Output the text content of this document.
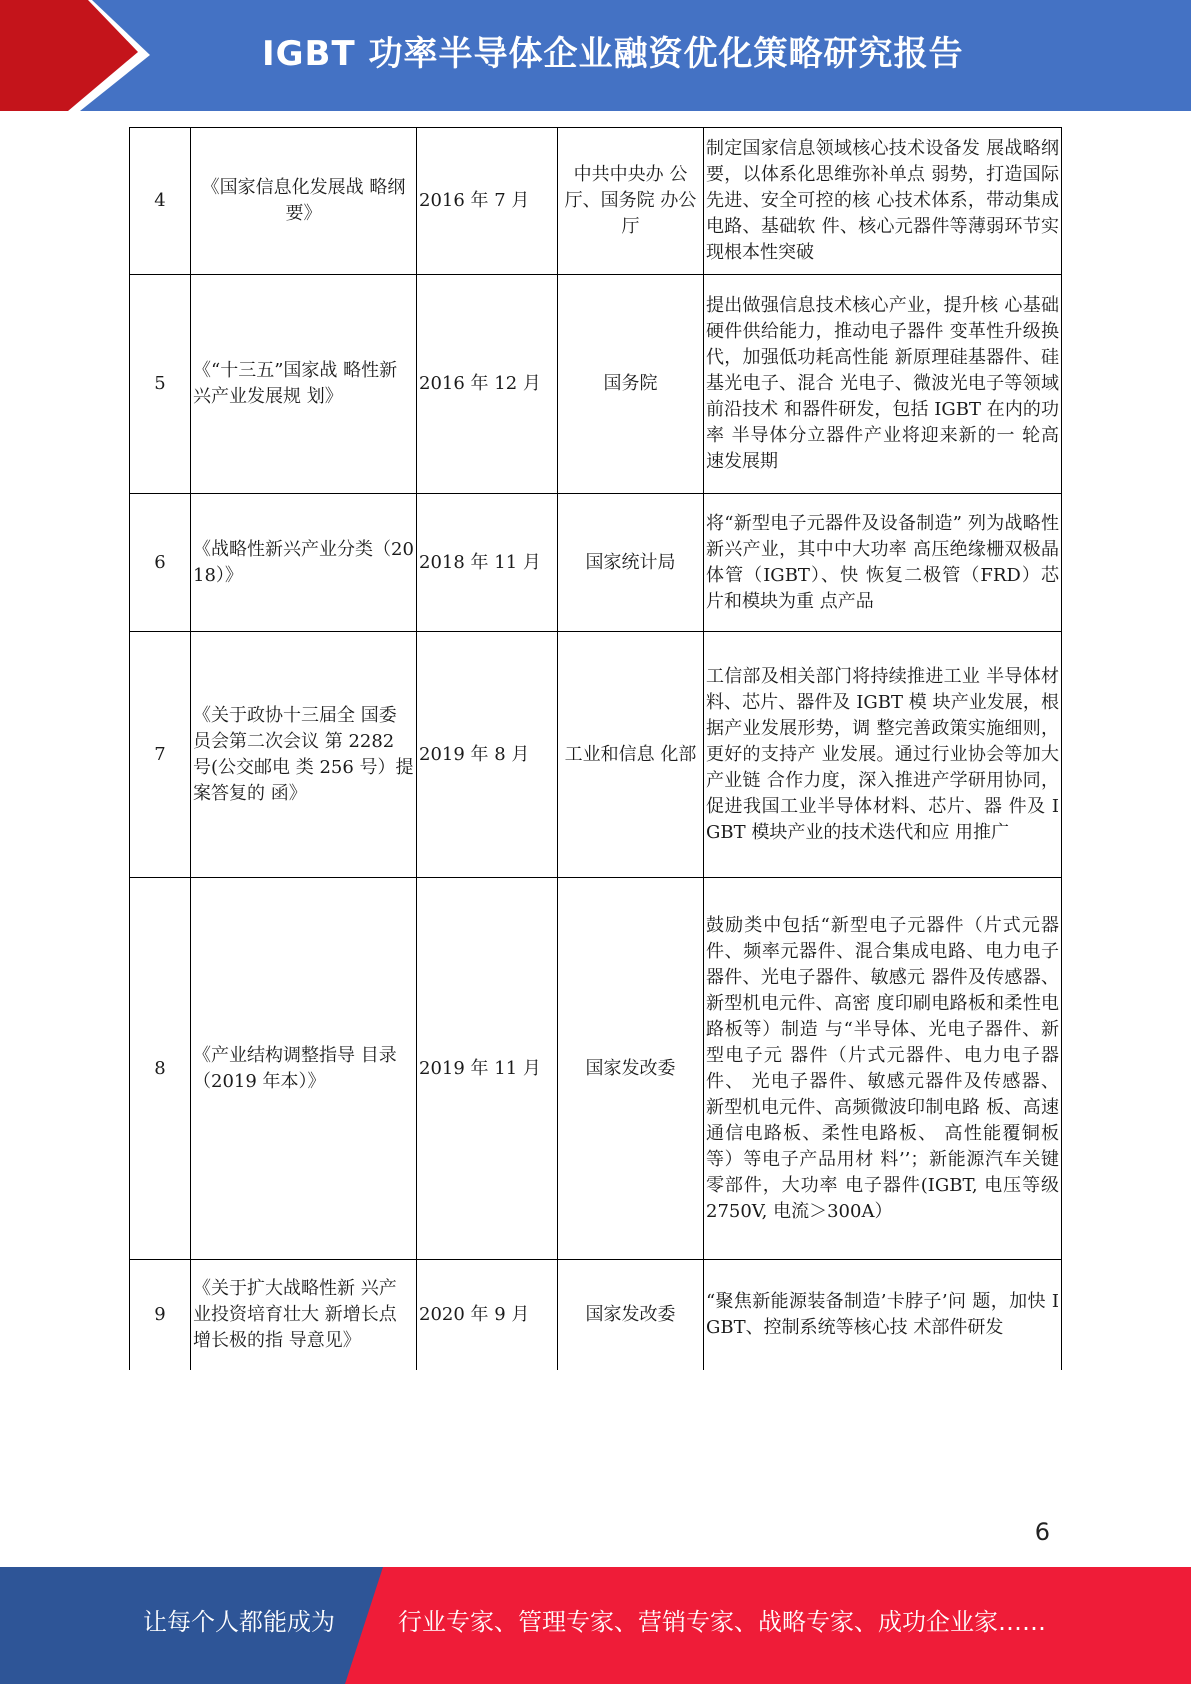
IGBT 功率半导体企业融资优化策略研究报告
4	《国家信息化发展战 略纲要》	2016 年 7 月	中共中央办 公厅、国务院 办公厅	制定国家信息领域核心技术设备发 展战略纲要，以体系化思维弥补单点 弱势，打造国际先进、安全可控的核 心技术体系，带动集成电路、基础软 件、核心元器件等薄弱环节实现根本性突破
5	《“十三五”国家战 略性新兴产业发展规 划》	2016 年 12 月	国务院	提出做强信息技术核心产业，提升核 心基础硬件供给能力，推动电子器件 变革性升级换代，加强低功耗高性能 新原理硅基器件、硅基光电子、混合 光电子、微波光电子等领域前沿技术 和器件研发，包括 IGBT 在内的功率 半导体分立器件产业将迎来新的一 轮高速发展期
6	《战略性新兴产业分类（2018）》	2018 年 11 月	国家统计局	将“新型电子元器件及设备制造” 列为战略性新兴产业，其中中大功率 高压绝缘栅双极晶体管（IGBT）、快 恢复二极管（FRD）芯片和模块为重 点产品
7	《关于政协十三届全 国委员会第二次会议 第 2282 号(公交邮电 类 256 号）提案答复的 函》	2019 年 8 月	工业和信息 化部	工信部及相关部门将持续推进工业 半导体材料、芯片、器件及 IGBT 模 块产业发展，根据产业发展形势，调 整完善政策实施细则，更好的支持产 业发展。通过行业协会等加大产业链 合作力度，深入推进产学研用协同， 促进我国工业半导体材料、芯片、器 件及 IGBT 模块产业的技术迭代和应 用推广
8	《产业结构调整指导 目录（2019 年本）》	2019 年 11 月	国家发改委	鼓励类中包括“新型电子元器件（片式元器件、频率元器件、混合集成电路、电力电子器件、光电子器件、敏感元 器件及传感器、新型机电元件、高密 度印刷电路板和柔性电路板等）制造 与“半导体、光电子器件、新型电子元 器件（片式元器件、电力电子器件、 光电子器件、敏感元器件及传感器、 新型机电元件、高频微波印制电路 板、高速通信电路板、柔性电路板、 高性能覆铜板等）等电子产品用材 料’’；新能源汽车关键零部件，大功率 电子器件(IGBT, 电压等级 2750V, 电流＞300A）
9	《关于扩大战略性新 兴产业投资培育壮大 新增长点增长极的指 导意见》	2020 年 9 月	国家发改委	“聚焦新能源装备制造’卡脖子’问 题，加快 IGBT、控制系统等核心技 术部件研发
6
让每个人都能成为	行业专家、管理专家、营销专家、战略专家、成功企业家……
